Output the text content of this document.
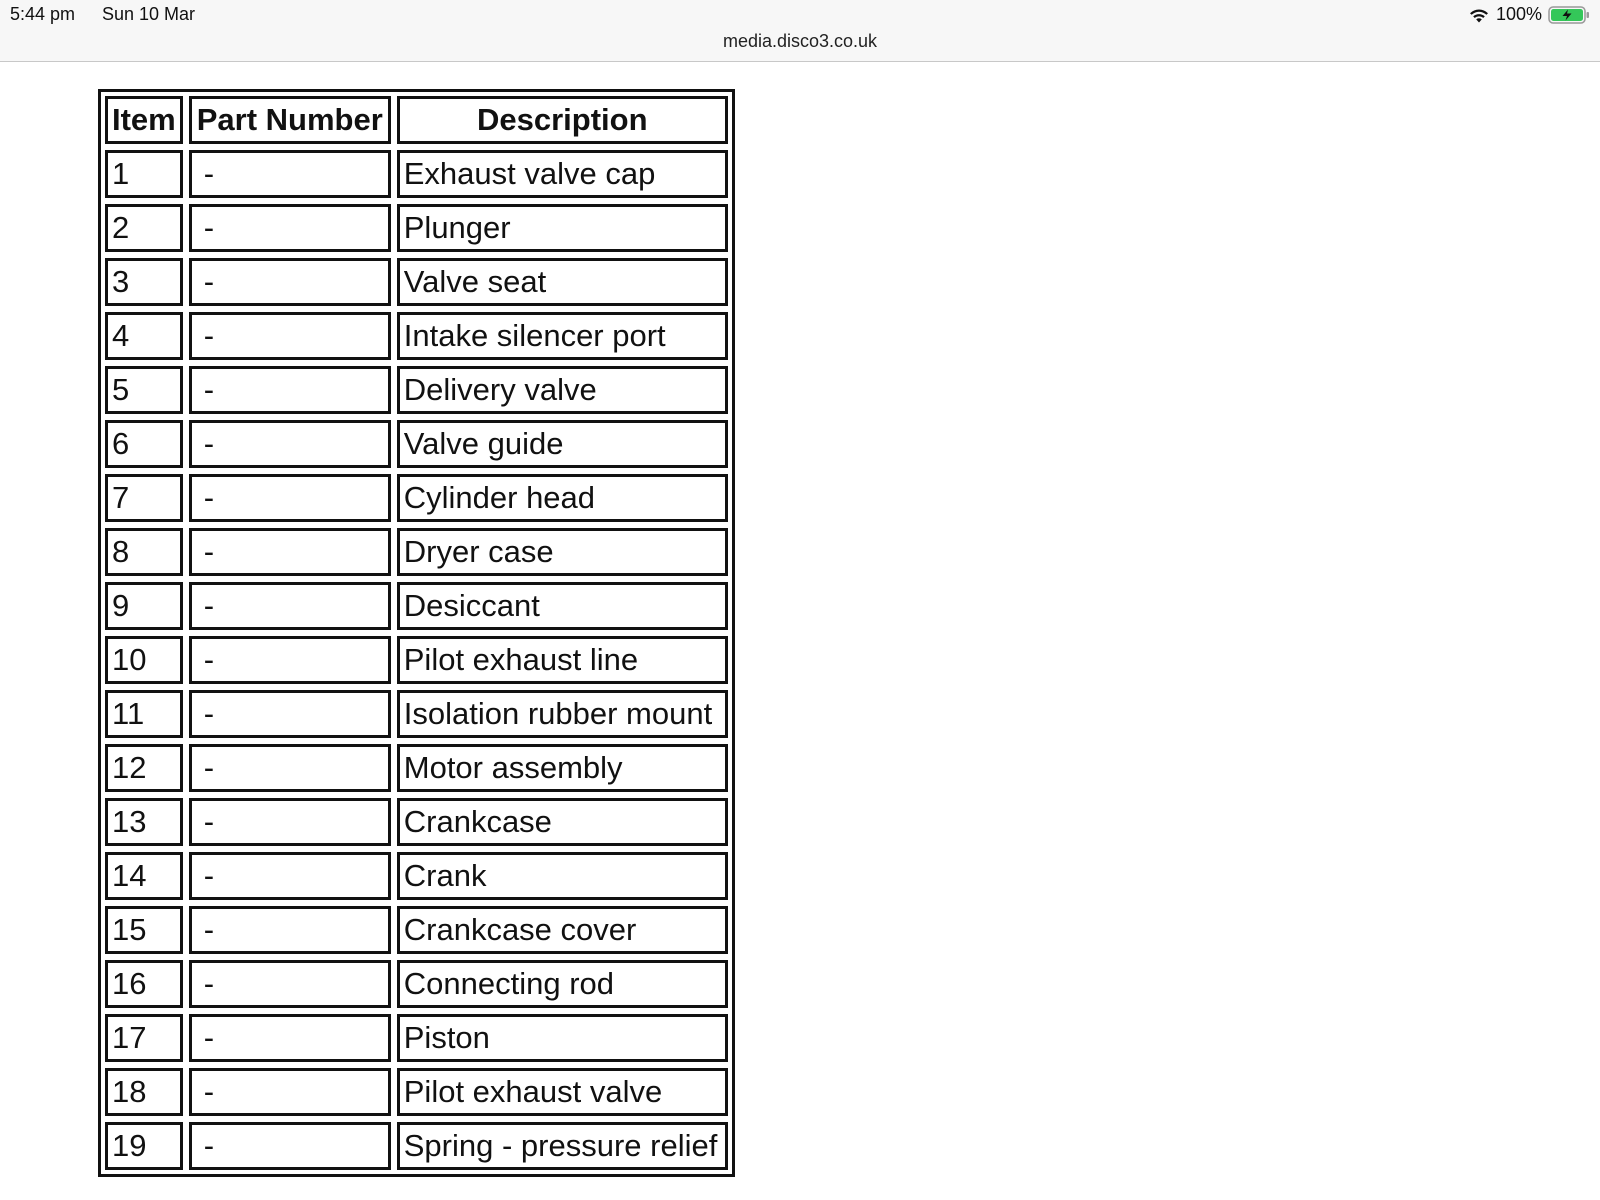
5:44 pm Sun 10 Mar	100%
media.disco3.co.uk
Item	Part Number	Description
1	-	Exhaust valve cap
2	-	Plunger
3	-	Valve seat
4	-	Intake silencer port
5	-	Delivery valve
6	-	Valve guide
7	-	Cylinder head
8	-	Dryer case
9	-	Desiccant
10	-	Pilot exhaust line
11	-	Isolation rubber mount
12	-	Motor assembly
13	-	Crankcase
14	-	Crank
15	-	Crankcase cover
16	-	Connecting rod
17	-	Piston
18	-	Pilot exhaust valve
19	-	Spring - pressure relief
